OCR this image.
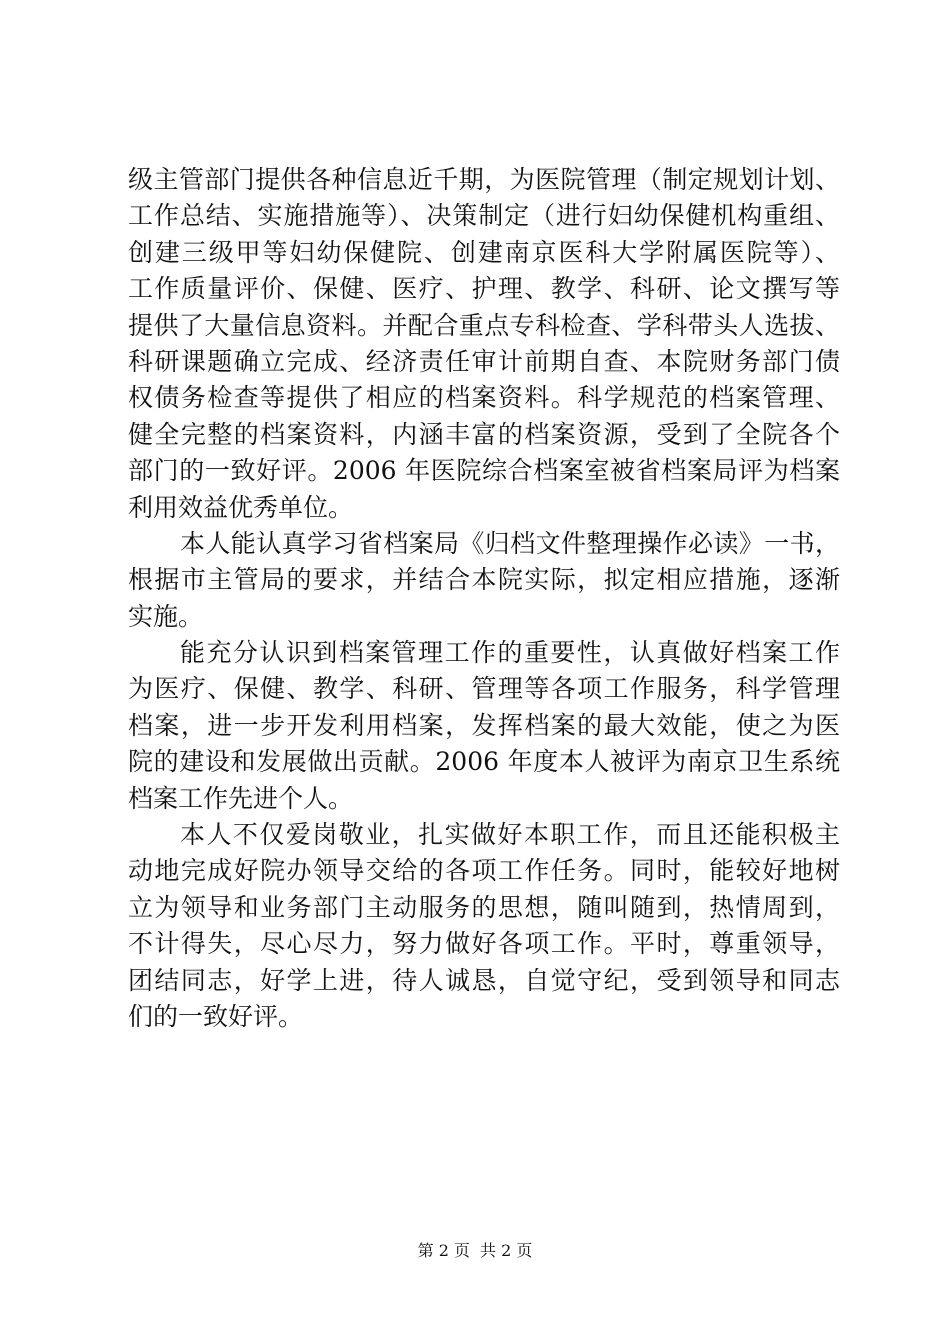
级主管部门提供各种信息近千期，为医院管理（制定规划计划、
工作总结、实施措施等）、决策制定（进行妇幼保健机构重组、
创建三级甲等妇幼保健院、创建南京医科大学附属医院等）、
工作质量评价、保健、医疗、护理、教学、科研、论文撰写等
提供了大量信息资料。并配合重点专科检查、学科带头人选拔、
科研课题确立完成、经济责任审计前期自查、本院财务部门债
权债务检查等提供了相应的档案资料。科学规范的档案管理、
健全完整的档案资料，内涵丰富的档案资源，受到了全院各个
部门的一致好评。2006 年医院综合档案室被省档案局评为档案
利用效益优秀单位。
本人能认真学习省档案局《归档文件整理操作必读》一书，
根据市主管局的要求，并结合本院实际，拟定相应措施，逐渐
实施。
能充分认识到档案管理工作的重要性，认真做好档案工作
为医疗、保健、教学、科研、管理等各项工作服务，科学管理
档案，进一步开发利用档案，发挥档案的最大效能，使之为医
院的建设和发展做出贡献。2006 年度本人被评为南京卫生系统
档案工作先进个人。
本人不仅爱岗敬业，扎实做好本职工作，而且还能积极主
动地完成好院办领导交给的各项工作任务。同时，能较好地树
立为领导和业务部门主动服务的思想，随叫随到，热情周到，
不计得失，尽心尽力，努力做好各项工作。平时，尊重领导，
团结同志，好学上进，待人诚恳，自觉守纪，受到领导和同志
们的一致好评。
第 2 页 共 2 页
